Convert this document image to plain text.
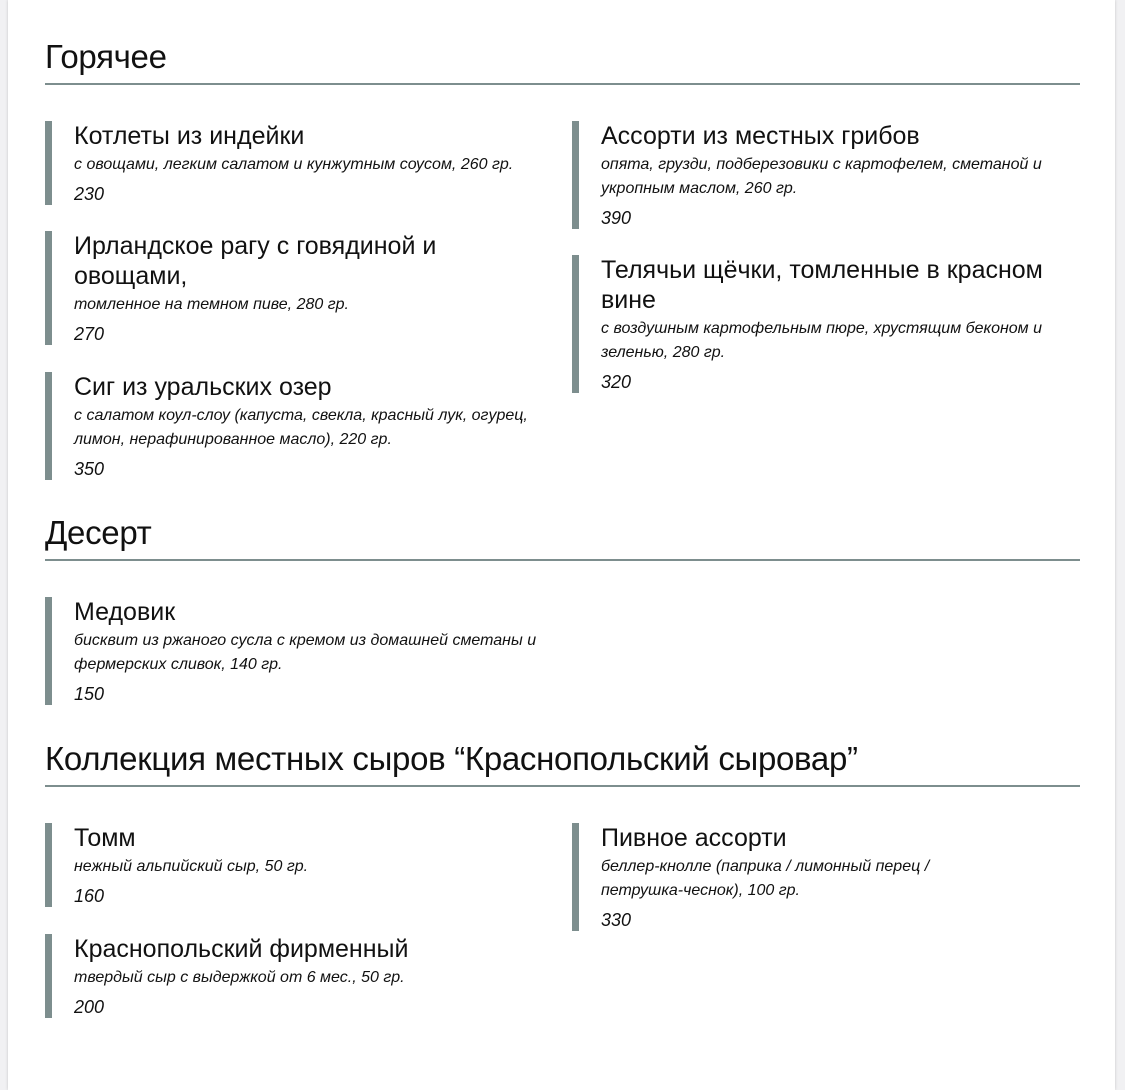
Горячее

Котлеты из индейки

с овощами, легким салатом и кунжутным соусом, 260 гр.

230

Ирландское рагу с говядиной и овощами,

томленное на темном пиве, 280 гр.

270

Сиг из уральских озер

с салатом коул-слоу (капуста, свекла, красный лук, огурец, лимон, нерафинированное масло), 220 гр.

350

Ассорти из местных грибов

опята, грузди, подберезовики с картофелем, сметаной и укропным маслом, 260 гр.

390

Телячьи щёчки, томленные в красном вине

с воздушным картофельным пюре, хрустящим беконом и зеленью, 280 гр.

320

Десерт

Медовик

бисквит из ржаного сусла с кремом из домашней сметаны и фермерских сливок, 140 гр.

150

Коллекция местных сыров “Краснопольский сыровар”

Томм

нежный альпийский сыр, 50 гр.

160

Краснопольский фирменный

твердый сыр с выдержкой от 6 мес., 50 гр.

200

Пивное ассорти

беллер-кнолле (паприка / лимонный перец / петрушка-чеснок), 100 гр.

330
